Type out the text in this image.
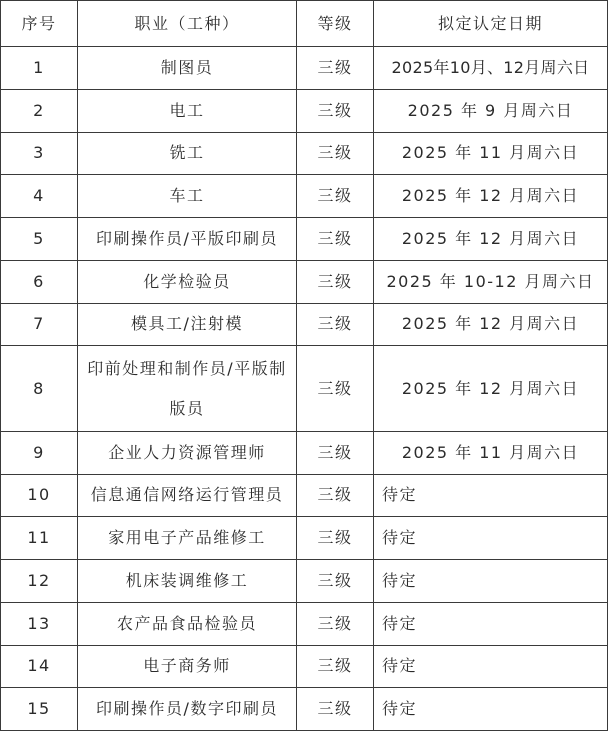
序号	职业（工种）	等级	拟定认定日期
1	制图员	三级	2025年10月、12月周六日
2	电工	三级	2025 年 9 月周六日
3	铣工	三级	2025 年 11 月周六日
4	车工	三级	2025 年 12 月周六日
5	印刷操作员/平版印刷员	三级	2025 年 12 月周六日
6	化学检验员	三级	2025 年 10-12 月周六日
7	模具工/注射模	三级	2025 年 12 月周六日
8	印前处理和制作员/平版制版员	三级	2025 年 12 月周六日
9	企业人力资源管理师	三级	2025 年 11 月周六日
10	信息通信网络运行管理员	三级	待定
11	家用电子产品维修工	三级	待定
12	机床装调维修工	三级	待定
13	农产品食品检验员	三级	待定
14	电子商务师	三级	待定
15	印刷操作员/数字印刷员	三级	待定
